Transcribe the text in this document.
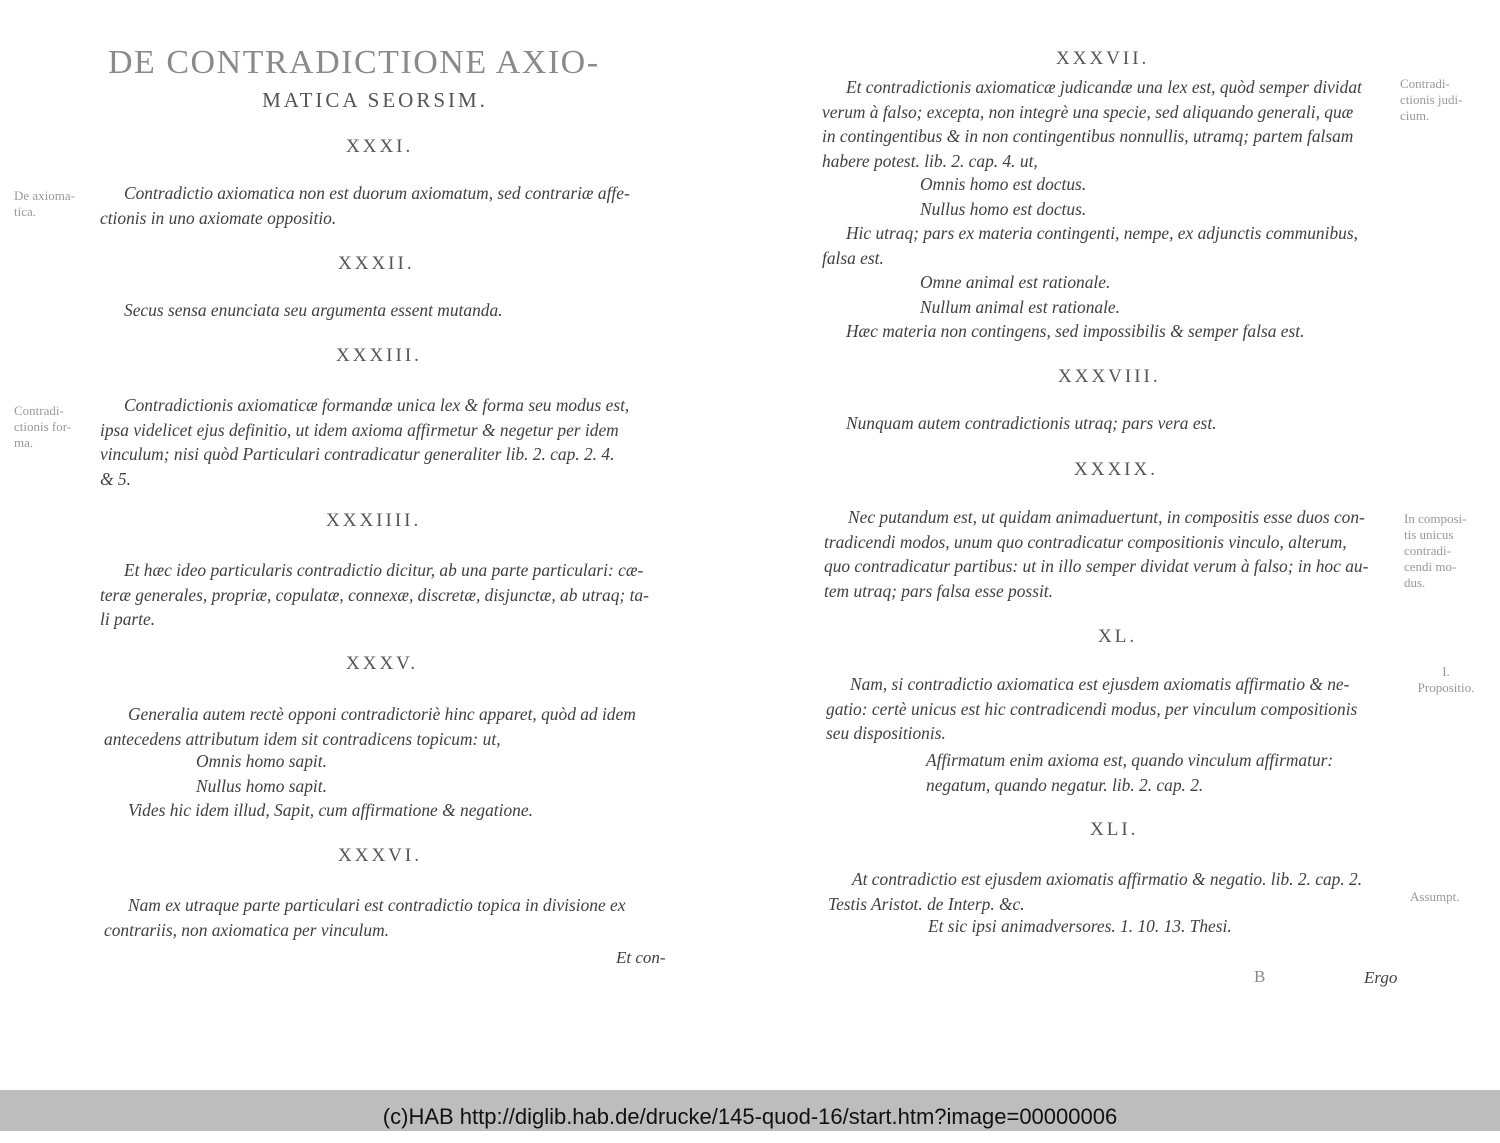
DE CONTRADICTIONE AXIO-
MATICA SEORSIM.
XXXI.
De axioma-
tica.
Contradictio axiomatica non est duorum axiomatum, sed contrariæ affe-
ctionis in uno axiomate oppositio.
XXXII.
Secus sensa enunciata seu argumenta essent mutanda.
XXXIII.
Contradi-
ctionis for-
ma.
Contradictionis axiomaticæ formandæ unica lex & forma seu modus est,
ipsa videlicet ejus definitio, ut idem axioma affirmetur & negetur per idem
vinculum; nisi quòd Particulari contradicatur generaliter lib. 2. cap. 2. 4.
& 5.
XXXIIII.
Et hæc ideo particularis contradictio dicitur, ab una parte particulari: cæ-
teræ generales, propriæ, copulatæ, connexæ, discretæ, disjunctæ, ab utraq; ta-
li parte.
XXXV.
Generalia autem rectè opponi contradictoriè hinc apparet, quòd ad idem
antecedens attributum idem sit contradicens topicum: ut,
Omnis homo sapit.
Nullus homo sapit.
Vides hic idem illud, Sapit, cum affirmatione & negatione.
XXXVI.
Nam ex utraque parte particulari est contradictio topica in divisione ex
contrariis, non axiomatica per vinculum.
Et con-
XXXVII.
Contradi-
ctionis judi-
cium.
Et contradictionis axiomaticæ judicandæ una lex est, quòd semper dividat
verum à falso; excepta, non integrè una specie, sed aliquando generali, quæ
in contingentibus & in non contingentibus nonnullis, utramq; partem falsam
habere potest. lib. 2. cap. 4. ut,
Omnis homo est doctus.
Nullus homo est doctus.
Hic utraq; pars ex materia contingenti, nempe, ex adjunctis communibus,
falsa est.
Omne animal est rationale.
Nullum animal est rationale.
Hæc materia non contingens, sed impossibilis & semper falsa est.
XXXVIII.
Nunquam autem contradictionis utraq; pars vera est.
XXXIX.
In composi-
tis unicus
contradi-
cendi mo-
dus.
Nec putandum est, ut quidam animaduertunt, in compositis esse duos con-
tradicendi modos, unum quo contradicatur compositionis vinculo, alterum,
quo contradicatur partibus: ut in illo semper dividat verum à falso; in hoc au-
tem utraq; pars falsa esse possit.
XL.
I.
Propositio.
Nam, si contradictio axiomatica est ejusdem axiomatis affirmatio & ne-
gatio: certè unicus est hic contradicendi modus, per vinculum compositionis
seu dispositionis.
Affirmatum enim axioma est, quando vinculum affirmatur:
negatum, quando negatur. lib. 2. cap. 2.
XLI.
Assumpt.
At contradictio est ejusdem axiomatis affirmatio & negatio. lib. 2. cap. 2.
Testis Aristot. de Interp. &c.
Et sic ipsi animadversores. 1. 10. 13. Thesi.
B	Ergo
(c)HAB http://diglib.hab.de/drucke/145-quod-16/start.htm?image=00000006
